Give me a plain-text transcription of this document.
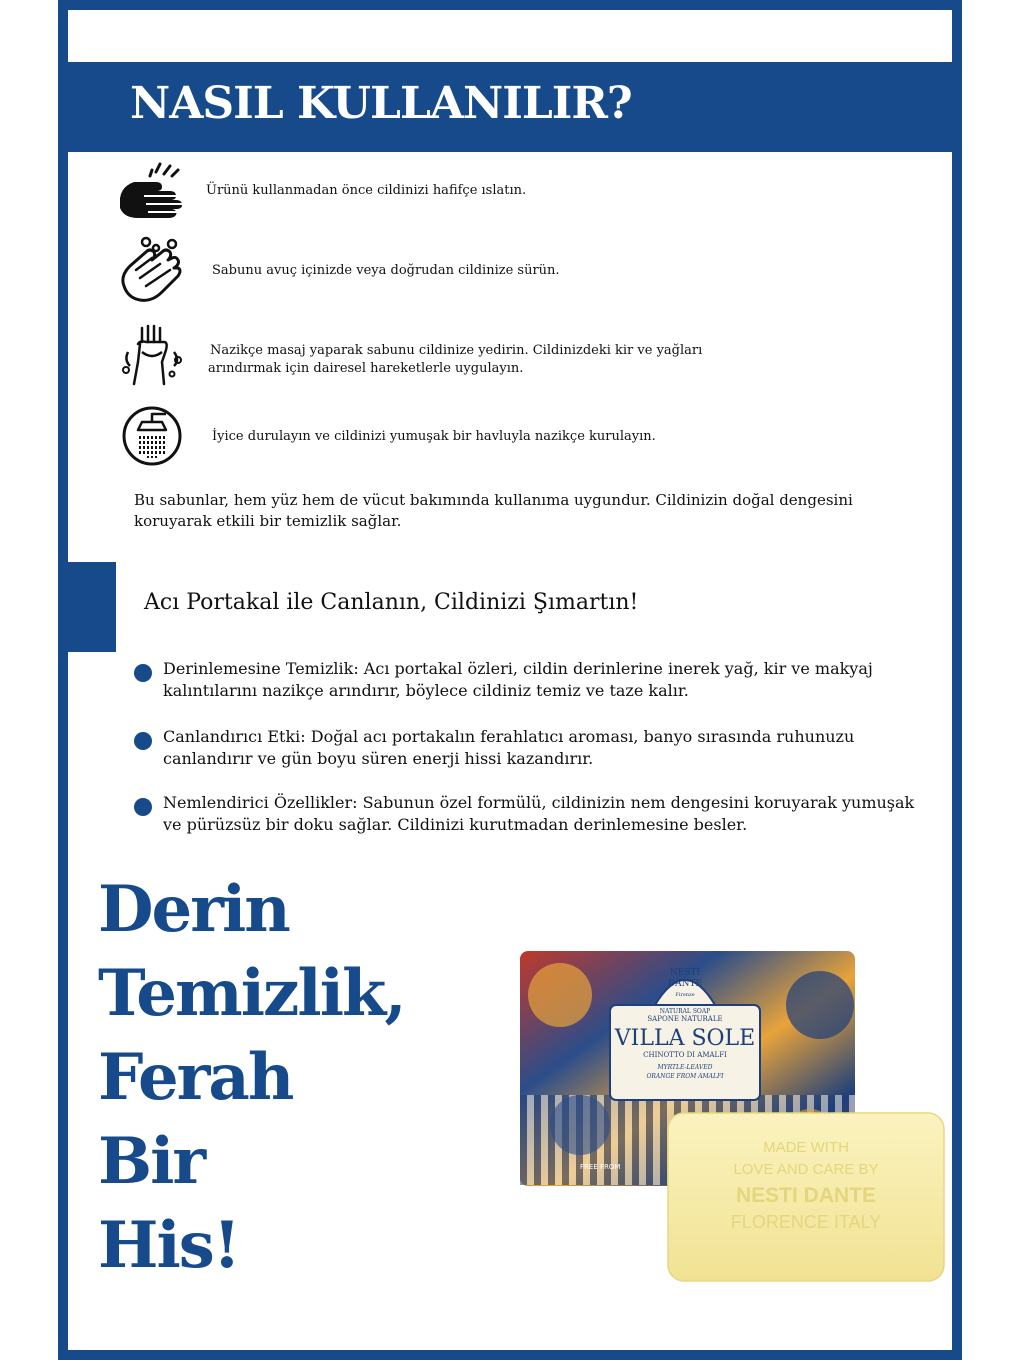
NASIL KULLANILIR?
Ürünü kullanmadan önce cildinizi hafifçe ıslatın.
Sabunu avuç içinizde veya doğrudan cildinize sürün.
Nazikçe masaj yaparak sabunu cildinize yedirin. Cildinizdeki kir ve yağları
arındırmak için dairesel hareketlerle uygulayın.
İyice durulayın ve cildinizi yumuşak bir havluyla nazikçe kurulayın.
Bu sabunlar, hem yüz hem de vücut bakımında kullanıma uygundur. Cildinizin doğal dengesini koruyarak etkili bir temizlik sağlar.
Acı Portakal ile Canlanın, Cildinizi Şımartın!
Derinlemesine Temizlik: Acı portakal özleri, cildin derinlerine inerek yağ, kir ve makyaj kalıntılarını nazikçe arındırır, böylece cildiniz temiz ve taze kalır.
Canlandırıcı Etki: Doğal acı portakalın ferahlatıcı aroması, banyo sırasında ruhunuzu canlandırır ve gün boyu süren enerji hissi kazandırır.
Nemlendirici Özellikler: Sabunun özel formülü, cildinizin nem dengesini koruyarak yumuşak ve pürüzsüz bir doku sağlar. Cildinizi kurutmadan derinlemesine besler.
Derin
Temizlik,
Ferah
Bir
His!
NESTI
DANTE
Firenze
NATURAL SOAP
SAPONE NATURALE
VILLA SOLE
CHINOTTO DI AMALFI
MYRTLE-LEAVED
ORANGE FROM AMALFI
FREE FROM
MADE WITH
LOVE AND CARE BY
NESTI DANTE
FLORENCE ITALY
